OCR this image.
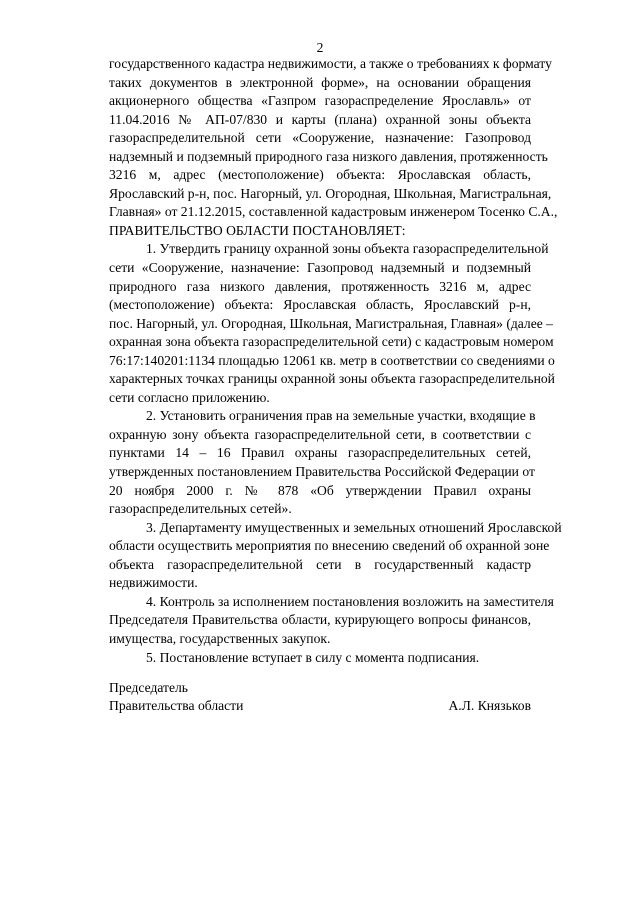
2
государственного кадастра недвижимости, а также о требованиях к формату
таких документов в электронной форме», на основании обращения
акционерного общества «Газпром газораспределение Ярославль» от
11.04.2016 № АП-07/830 и карты (плана) охранной зоны объекта
газораспределительной сети «Сооружение, назначение: Газопровод
надземный и подземный природного газа низкого давления, протяженность
3216 м, адрес (местоположение) объекта: Ярославская область,
Ярославский р-н, пос. Нагорный, ул. Огородная, Школьная, Магистральная,
Главная» от 21.12.2015, составленной кадастровым инженером Тосенко С.А.,
ПРАВИТЕЛЬСТВО ОБЛАСТИ ПОСТАНОВЛЯЕТ:
1. Утвердить границу охранной зоны объекта газораспределительной
сети «Сооружение, назначение: Газопровод надземный и подземный
природного газа низкого давления, протяженность 3216 м, адрес
(местоположение) объекта: Ярославская область, Ярославский р-н,
пос. Нагорный, ул. Огородная, Школьная, Магистральная, Главная» (далее –
охранная зона объекта газораспределительной сети) с кадастровым номером
76:17:140201:1134 площадью 12061 кв. метр в соответствии со сведениями о
характерных точках границы охранной зоны объекта газораспределительной
сети согласно приложению.
2. Установить ограничения прав на земельные участки, входящие в
охранную зону объекта газораспределительной сети, в соответствии с
пунктами 14 – 16 Правил охраны газораспределительных сетей,
утвержденных постановлением Правительства Российской Федерации от
20 ноября 2000 г. № 878 «Об утверждении Правил охраны
газораспределительных сетей».
3. Департаменту имущественных и земельных отношений Ярославской
области осуществить мероприятия по внесению сведений об охранной зоне
объекта газораспределительной сети в государственный кадастр
недвижимости.
4. Контроль за исполнением постановления возложить на заместителя
Председателя Правительства области, курирующего вопросы финансов,
имущества, государственных закупок.
5. Постановление вступает в силу с момента подписания.
Председатель
Правительства области	А.Л. Князьков
